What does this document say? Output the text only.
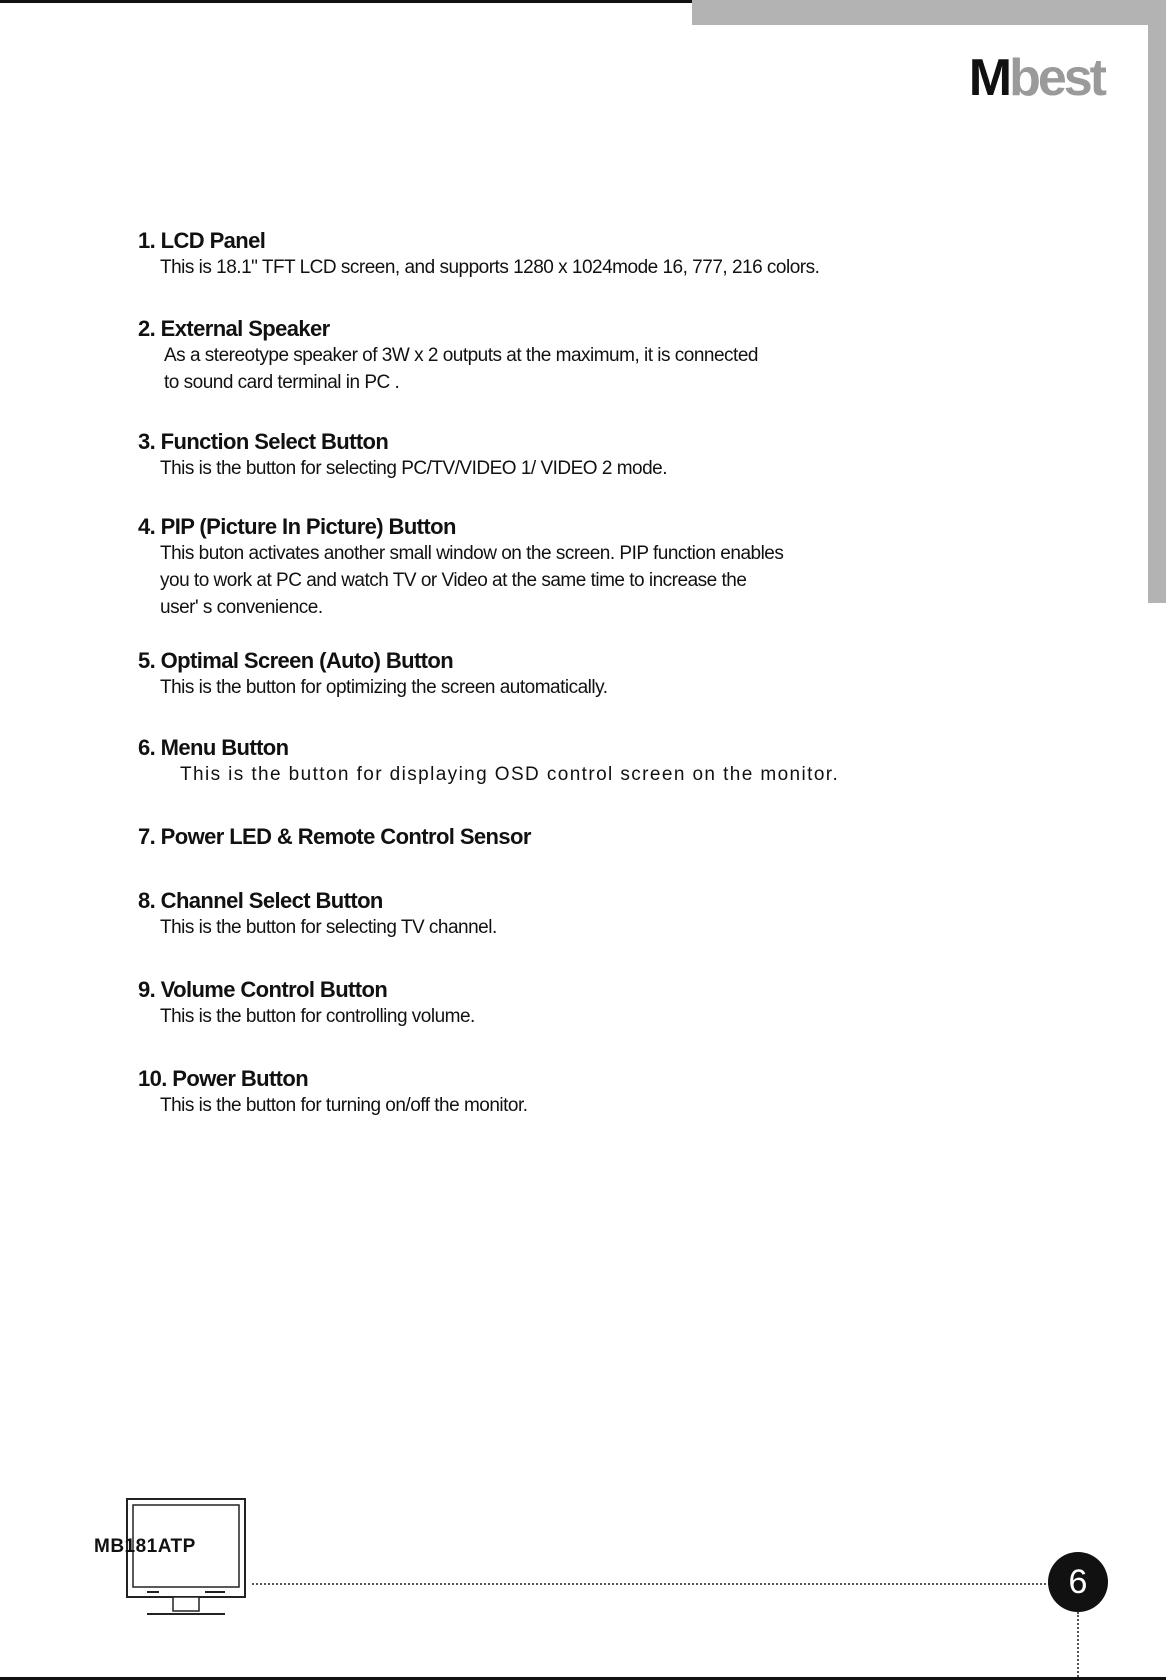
Mbest

1. LCD Panel

This is 18.1" TFT LCD screen, and supports 1280 x 1024mode 16, 777, 216 colors.

2. External Speaker

As a stereotype speaker of 3W x 2 outputs at the maximum, it is connected
to sound card terminal in PC .

3. Function Select Button

This is the button for selecting PC/TV/VIDEO 1/ VIDEO 2 mode.

4. PIP (Picture In Picture) Button

This buton activates another small window on the screen. PIP function enables
you to work at PC and watch TV or Video at the same time to increase the
user' s convenience.

5. Optimal Screen (Auto) Button

This is the button for optimizing the screen automatically.

6. Menu Button

This is the button for displaying OSD control screen on the monitor.

7. Power LED & Remote Control Sensor

8. Channel Select Button

This is the button for selecting TV channel.

9. Volume Control Button

This is the button for controlling volume.

10. Power Button

This is the button for turning on/off the monitor.

MB181ATP
6
